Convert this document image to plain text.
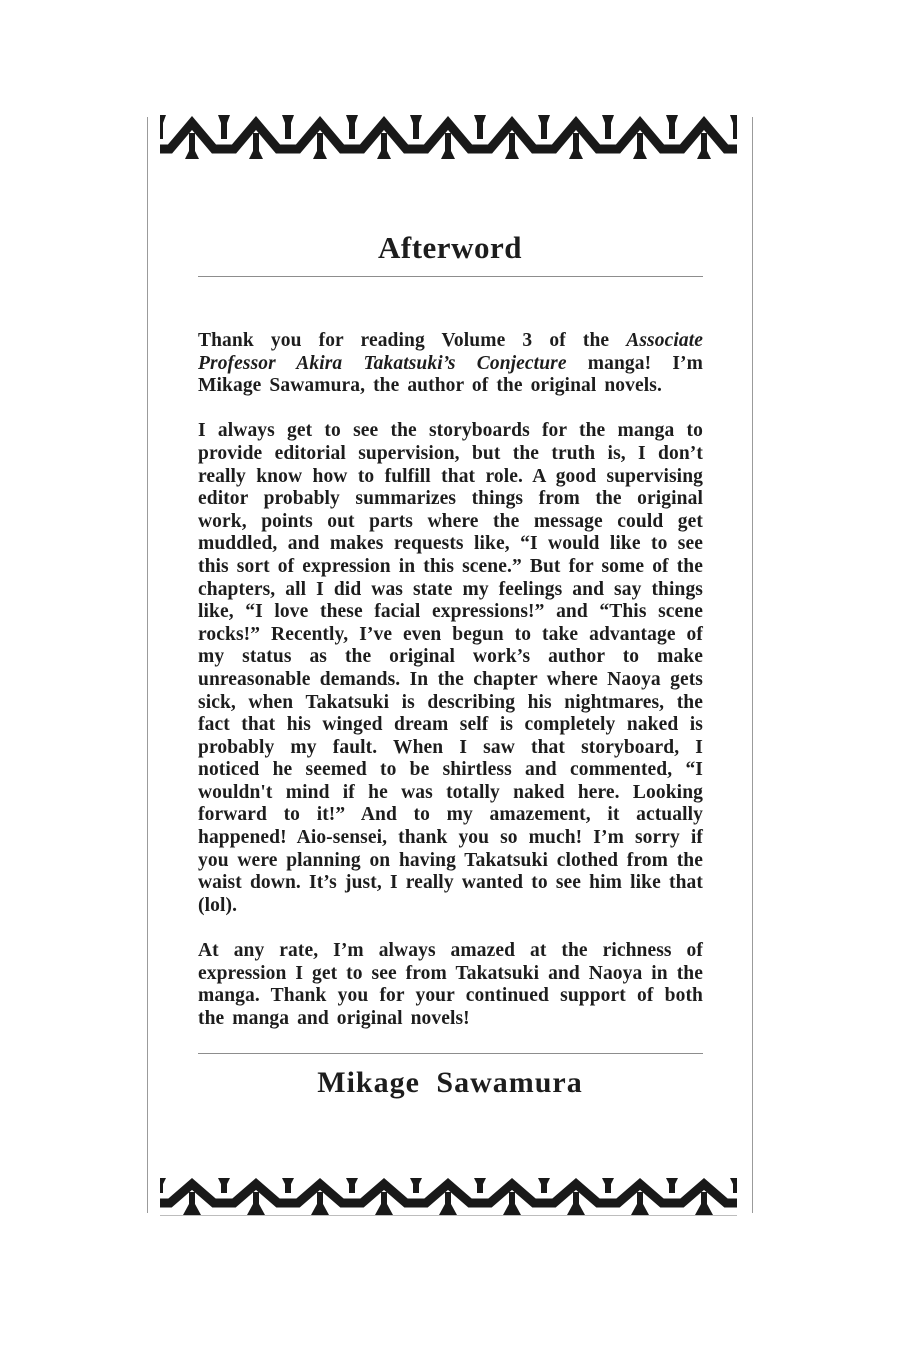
Afterword

Thank you for reading Volume 3 of the Associate Professor Akira Takatsuki’s Conjecture manga! I’m Mikage Sawamura, the author of the original novels.

I always get to see the storyboards for the manga to provide editorial supervision, but the truth is, I don’t really know how to fulfill that role. A good supervising editor probably summarizes things from the original work, points out parts where the message could get muddled, and makes requests like, “I would like to see this sort of expression in this scene.” But for some of the chapters, all I did was state my feelings and say things like, “I love these facial expressions!” and “This scene rocks!” Recently, I’ve even begun to take advantage of my status as the original work’s author to make unreasonable demands. In the chapter where Naoya gets sick, when Takatsuki is describing his nightmares, the fact that his winged dream self is completely naked is probably my fault. When I saw that storyboard, I noticed he seemed to be shirtless and commented, “I wouldn't mind if he was totally naked here. Looking forward to it!” And to my amazement, it actually happened! Aio-sensei, thank you so much! I’m sorry if you were planning on having Takatsuki clothed from the waist down. It’s just, I really wanted to see him like that (lol).

At any rate, I’m always amazed at the richness of expression I get to see from Takatsuki and Naoya in the manga. Thank you for your continued support of both the manga and original novels!

Mikage Sawamura
